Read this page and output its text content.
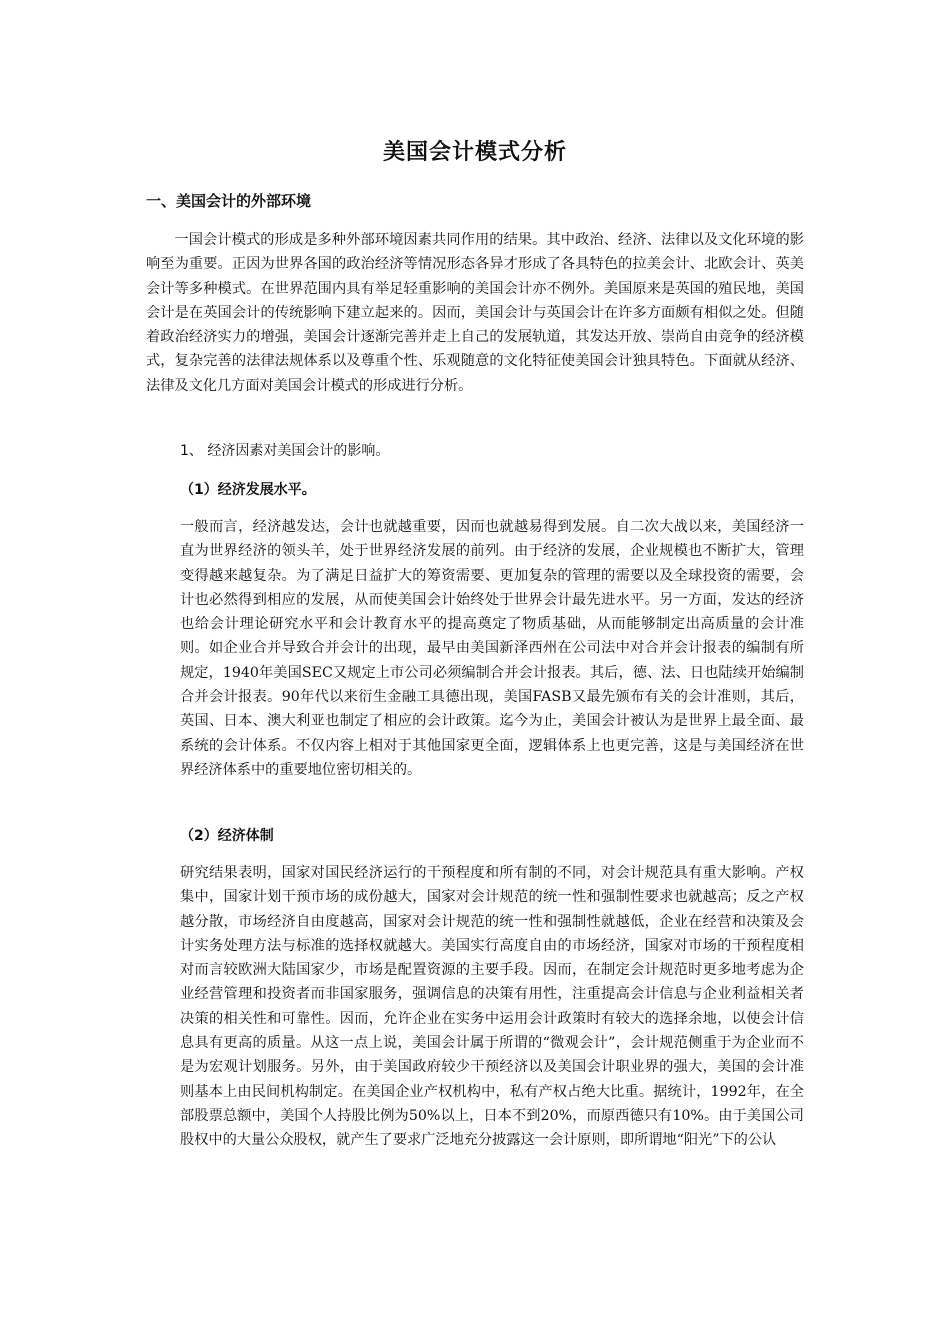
美国会计模式分析
一、美国会计的外部环境
一国会计模式的形成是多种外部环境因素共同作用的结果。其中政治、经济、法律以及文化环境的影响至为重要。正因为世界各国的政治经济等情况形态各异才形成了各具特色的拉美会计、北欧会计、英美会计等多种模式。在世界范围内具有举足轻重影响的美国会计亦不例外。美国原来是英国的殖民地，美国会计是在英国会计的传统影响下建立起来的。因而，美国会计与英国会计在许多方面颇有相似之处。但随着政治经济实力的增强，美国会计逐渐完善并走上自己的发展轨道，其发达开放、崇尚自由竞争的经济模式，复杂完善的法律法规体系以及尊重个性、乐观随意的文化特征使美国会计独具特色。下面就从经济、法律及文化几方面对美国会计模式的形成进行分析。
1、 经济因素对美国会计的影响。
（1）经济发展水平。
一般而言，经济越发达，会计也就越重要，因而也就越易得到发展。自二次大战以来，美国经济一直为世界经济的领头羊，处于世界经济发展的前列。由于经济的发展，企业规模也不断扩大，管理变得越来越复杂。为了满足日益扩大的筹资需要、更加复杂的管理的需要以及全球投资的需要，会计也必然得到相应的发展，从而使美国会计始终处于世界会计最先进水平。另一方面，发达的经济也给会计理论研究水平和会计教育水平的提高奠定了物质基础，从而能够制定出高质量的会计准则。如企业合并导致合并会计的出现，最早由美国新泽西州在公司法中对合并会计报表的编制有所规定，1940年美国SEC又规定上市公司必须编制合并会计报表。其后，德、法、日也陆续开始编制合并会计报表。90年代以来衍生金融工具德出现，美国FASB又最先颁布有关的会计准则，其后，英国、日本、澳大利亚也制定了相应的会计政策。迄今为止，美国会计被认为是世界上最全面、最系统的会计体系。不仅内容上相对于其他国家更全面，逻辑体系上也更完善，这是与美国经济在世界经济体系中的重要地位密切相关的。
（2）经济体制
研究结果表明，国家对国民经济运行的干预程度和所有制的不同，对会计规范具有重大影响。产权集中，国家计划干预市场的成份越大，国家对会计规范的统一性和强制性要求也就越高；反之产权越分散，市场经济自由度越高，国家对会计规范的统一性和强制性就越低，企业在经营和决策及会计实务处理方法与标准的选择权就越大。美国实行高度自由的市场经济，国家对市场的干预程度相对而言较欧洲大陆国家少，市场是配置资源的主要手段。因而，在制定会计规范时更多地考虑为企业经营管理和投资者而非国家服务，强调信息的决策有用性，注重提高会计信息与企业利益相关者决策的相关性和可靠性。因而，允许企业在实务中运用会计政策时有较大的选择余地，以使会计信息具有更高的质量。从这一点上说，美国会计属于所谓的“微观会计”，会计规范侧重于为企业而不是为宏观计划服务。另外，由于美国政府较少干预经济以及美国会计职业界的强大，美国的会计准则基本上由民间机构制定。在美国企业产权机构中，私有产权占绝大比重。据统计，1992年，在全部股票总额中，美国个人持股比例为50%以上，日本不到20%，而原西德只有10%。由于美国公司股权中的大量公众股权，就产生了要求广泛地充分披露这一会计原则，即所谓地“阳光”下的公认
